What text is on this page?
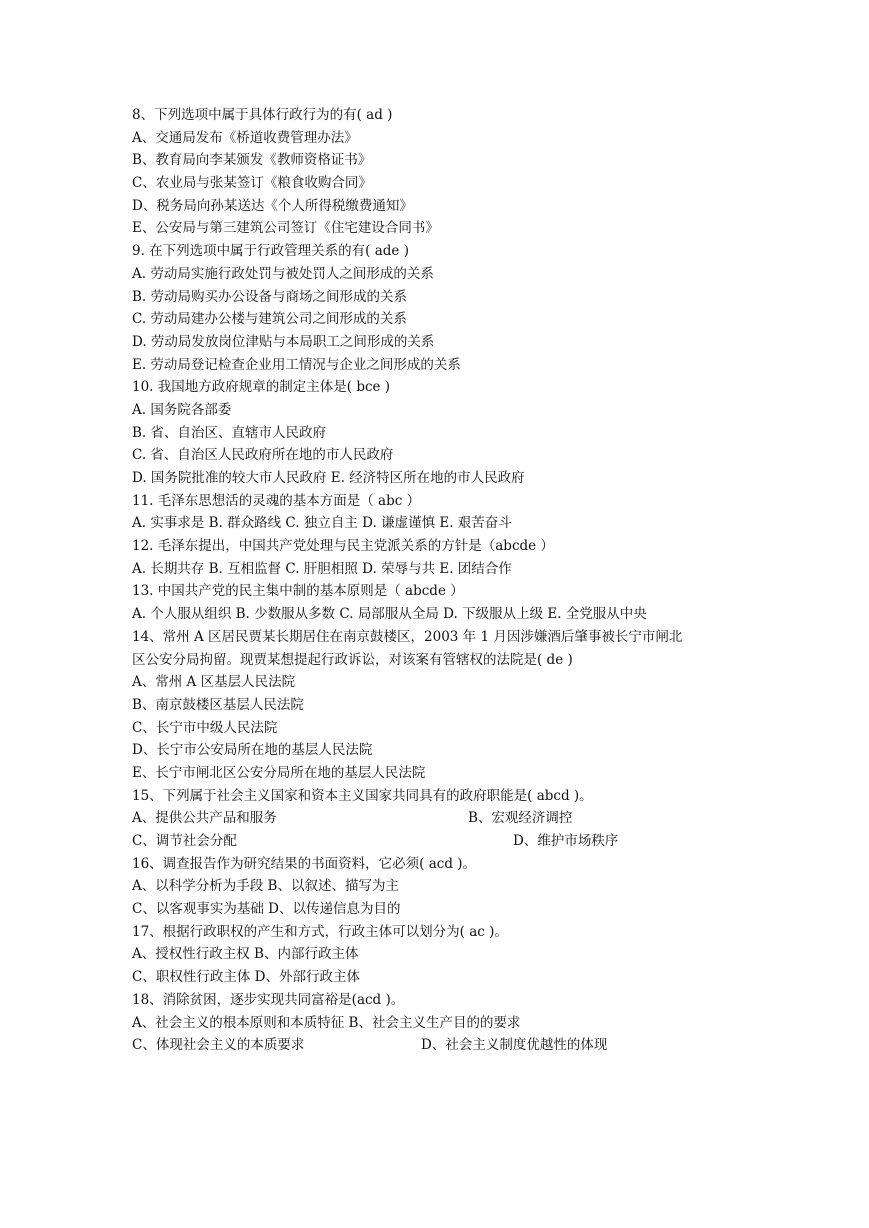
8、下列选项中属于具体行政行为的有( ad )
A、交通局发布《桥道收费管理办法》
B、教育局向李某颁发《教师资格证书》
C、农业局与张某签订《粮食收购合同》
D、税务局向孙某送达《个人所得税缴费通知》
E、公安局与第三建筑公司签订《住宅建设合同书》
9. 在下列选项中属于行政管理关系的有( ade )
A. 劳动局实施行政处罚与被处罚人之间形成的关系
B. 劳动局购买办公设备与商场之间形成的关系
C. 劳动局建办公楼与建筑公司之间形成的关系
D. 劳动局发放岗位津贴与本局职工之间形成的关系
E. 劳动局登记检查企业用工情况与企业之间形成的关系
10. 我国地方政府规章的制定主体是( bce )
A. 国务院各部委
B. 省、自治区、直辖市人民政府
C. 省、自治区人民政府所在地的市人民政府
D. 国务院批准的较大市人民政府 E. 经济特区所在地的市人民政府
11. 毛泽东思想活的灵魂的基本方面是（ abc ）
A. 实事求是 B. 群众路线 C. 独立自主 D. 谦虚谨慎 E. 艰苦奋斗
12. 毛泽东提出，中国共产党处理与民主党派关系的方针是（abcde ）
A. 长期共存 B. 互相监督 C. 肝胆相照 D. 荣辱与共 E. 团结合作
13. 中国共产党的民主集中制的基本原则是（ abcde ）
A. 个人服从组织 B. 少数服从多数 C. 局部服从全局 D. 下级服从上级 E. 全党服从中央
14、常州 A 区居民贾某长期居住在南京鼓楼区，2003 年 1 月因涉嫌酒后肇事被长宁市闸北
区公安分局拘留。现贾某想提起行政诉讼，对该案有管辖权的法院是( de )
A、常州 A 区基层人民法院
B、南京鼓楼区基层人民法院
C、长宁市中级人民法院
D、长宁市公安局所在地的基层人民法院
E、长宁市闸北区公安分局所在地的基层人民法院
15、下列属于社会主义国家和资本主义国家共同具有的政府职能是( abcd )。
A、提供公共产品和服务	B、宏观经济调控
C、调节社会分配	D、维护市场秩序
16、调查报告作为研究结果的书面资料，它必须( acd )。
A、以科学分析为手段 B、以叙述、描写为主
C、以客观事实为基础 D、以传递信息为目的
17、根据行政职权的产生和方式，行政主体可以划分为( ac )。
A、授权性行政主权 B、内部行政主体
C、职权性行政主体 D、外部行政主体
18、消除贫困，逐步实现共同富裕是(acd )。
A、社会主义的根本原则和本质特征 B、社会主义生产目的的要求
C、体现社会主义的本质要求	D、社会主义制度优越性的体现
